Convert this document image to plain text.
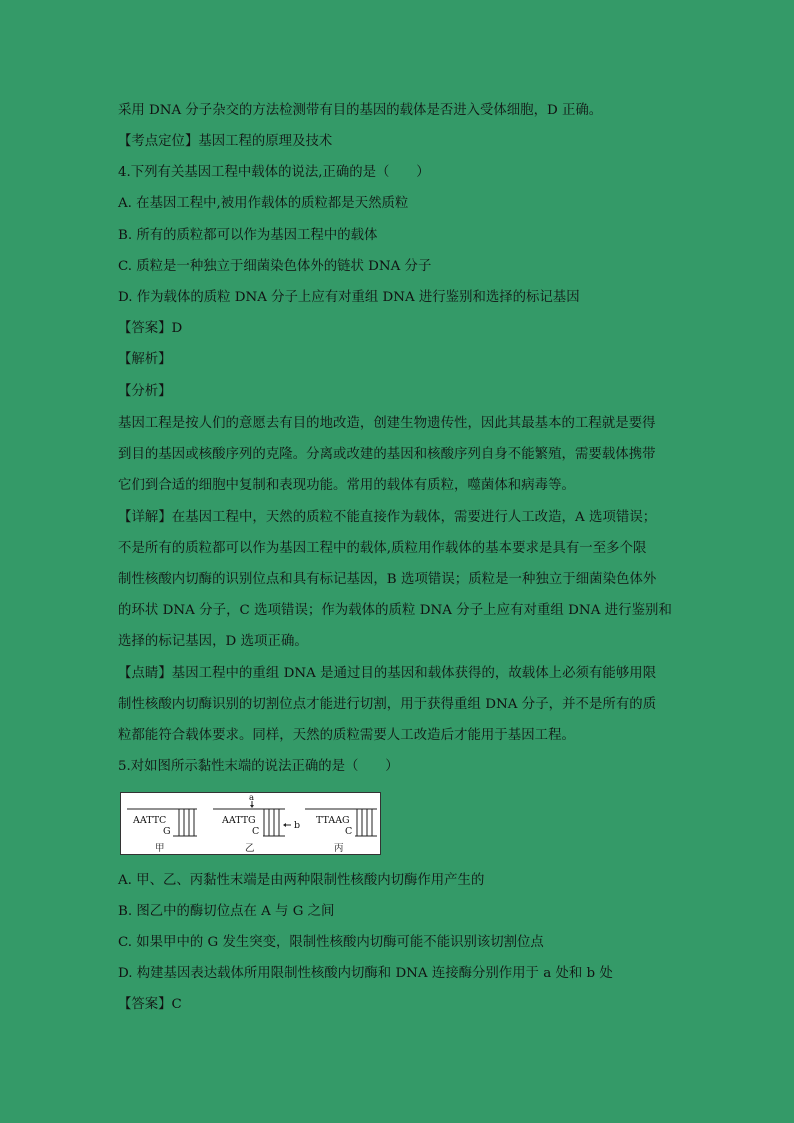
采用 DNA 分子杂交的方法检测带有目的基因的载体是否进入受体细胞，D 正确。
【考点定位】基因工程的原理及技术
4.下列有关基因工程中载体的说法,正确的是（　　）
A. 在基因工程中,被用作载体的质粒都是天然质粒
B. 所有的质粒都可以作为基因工程中的载体
C. 质粒是一种独立于细菌染色体外的链状 DNA 分子
D. 作为载体的质粒 DNA 分子上应有对重组 DNA 进行鉴别和选择的标记基因
【答案】D
【解析】
【分析】
基因工程是按人们的意愿去有目的地改造，创建生物遗传性，因此其最基本的工程就是要得
到目的基因或核酸序列的克隆。分离或改建的基因和核酸序列自身不能繁殖，需要载体携带
它们到合适的细胞中复制和表现功能。常用的载体有质粒，噬菌体和病毒等。
【详解】在基因工程中，天然的质粒不能直接作为载体，需要进行人工改造，A 选项错误；
不是所有的质粒都可以作为基因工程中的载体,质粒用作载体的基本要求是具有一至多个限
制性核酸内切酶的识别位点和具有标记基因，B 选项错误；质粒是一种独立于细菌染色体外
的环状 DNA 分子，C 选项错误；作为载体的质粒 DNA 分子上应有对重组 DNA 进行鉴别和
选择的标记基因，D 选项正确。
【点睛】基因工程中的重组 DNA 是通过目的基因和载体获得的，故载体上必须有能够用限
制性核酸内切酶识别的切割位点才能进行切割，用于获得重组 DNA 分子，并不是所有的质
粒都能符合载体要求。同样，天然的质粒需要人工改造后才能用于基因工程。
5.对如图所示黏性末端的说法正确的是（　　）
AATTC
G
甲
a
b
AATTG
C
乙
TTAAG
C
丙
A. 甲、乙、丙黏性末端是由两种限制性核酸内切酶作用产生的
B. 图乙中的酶切位点在 A 与 G 之间
C. 如果甲中的 G 发生突变，限制性核酸内切酶可能不能识别该切割位点
D. 构建基因表达载体所用限制性核酸内切酶和 DNA 连接酶分别作用于 a 处和 b 处
【答案】C
